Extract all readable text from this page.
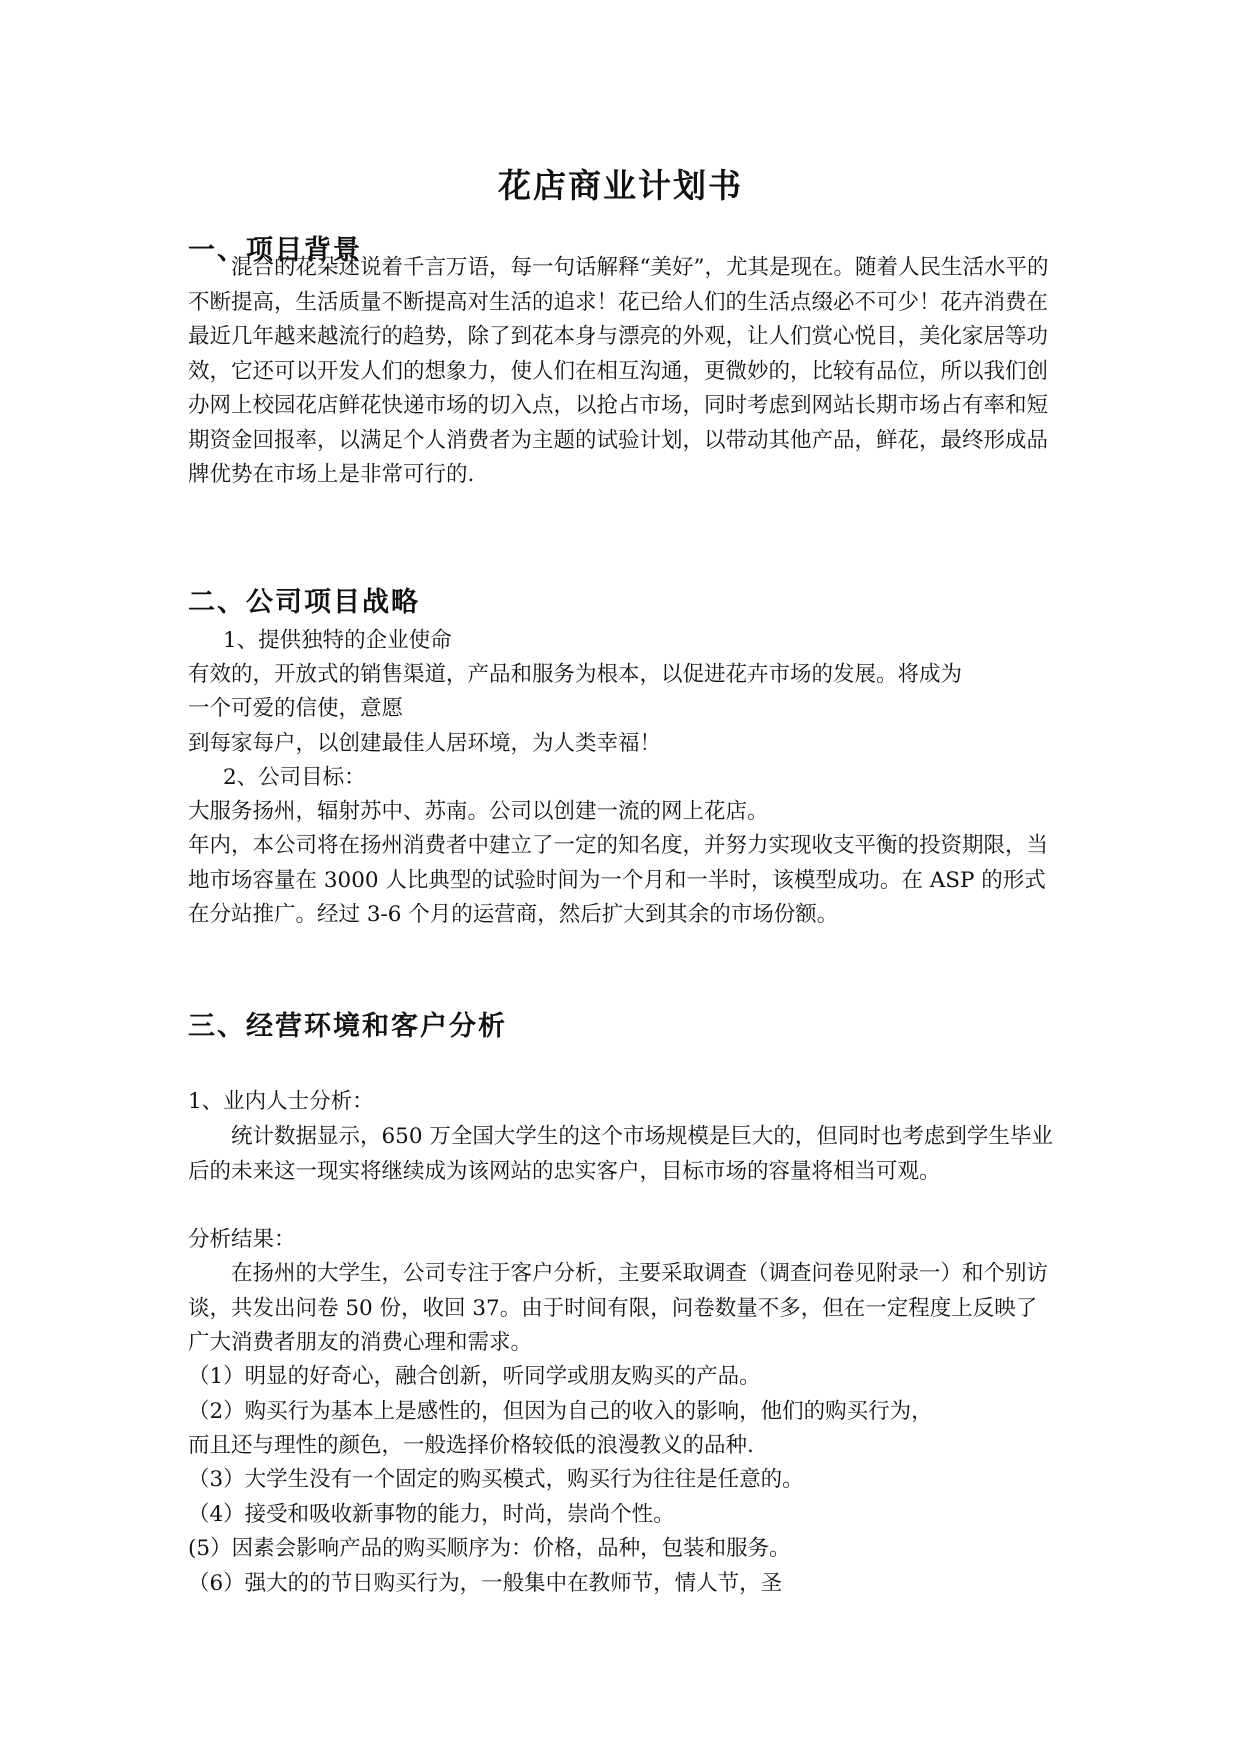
花店商业计划书
一、项目背景
混合的花朵述说着千言万语，每一句话解释“美好”，尤其是现在。随着人民生活水平的不断提高，生活质量不断提高对生活的追求！花已给人们的生活点缀必不可少！花卉消费在最近几年越来越流行的趋势，除了到花本身与漂亮的外观，让人们赏心悦目，美化家居等功效，它还可以开发人们的想象力，使人们在相互沟通，更微妙的，比较有品位，所以我们创办网上校园花店鲜花快递市场的切入点，以抢占市场，同时考虑到网站长期市场占有率和短期资金回报率，以满足个人消费者为主题的试验计划，以带动其他产品，鲜花，最终形成品牌优势在市场上是非常可行的.
二、公司项目战略
1、提供独特的企业使命
有效的，开放式的销售渠道，产品和服务为根本，以促进花卉市场的发展。将成为
一个可爱的信使，意愿
到每家每户，以创建最佳人居环境，为人类幸福！
2、公司目标：
大服务扬州，辐射苏中、苏南。公司以创建一流的网上花店。
年内，本公司将在扬州消费者中建立了一定的知名度，并努力实现收支平衡的投资期限，当地市场容量在 3000 人比典型的试验时间为一个月和一半时，该模型成功。在 ASP 的形式在分站推广。经过 3-6 个月的运营商，然后扩大到其余的市场份额。
三、经营环境和客户分析
1、业内人士分析：
统计数据显示，650 万全国大学生的这个市场规模是巨大的，但同时也考虑到学生毕业后的未来这一现实将继续成为该网站的忠实客户，目标市场的容量将相当可观。
分析结果：
在扬州的大学生，公司专注于客户分析，主要采取调查（调查问卷见附录一）和个别访谈，共发出问卷 50 份，收回 37。由于时间有限，问卷数量不多，但在一定程度上反映了广大消费者朋友的消费心理和需求。
（1）明显的好奇心，融合创新，听同学或朋友购买的产品。
（2）购买行为基本上是感性的，但因为自己的收入的影响，他们的购买行为，
而且还与理性的颜色，一般选择价格较低的浪漫教义的品种.
（3）大学生没有一个固定的购买模式，购买行为往往是任意的。
（4）接受和吸收新事物的能力，时尚，崇尚个性。
(5）因素会影响产品的购买顺序为：价格，品种，包装和服务。
（6）强大的的节日购买行为，一般集中在教师节，情人节，圣
